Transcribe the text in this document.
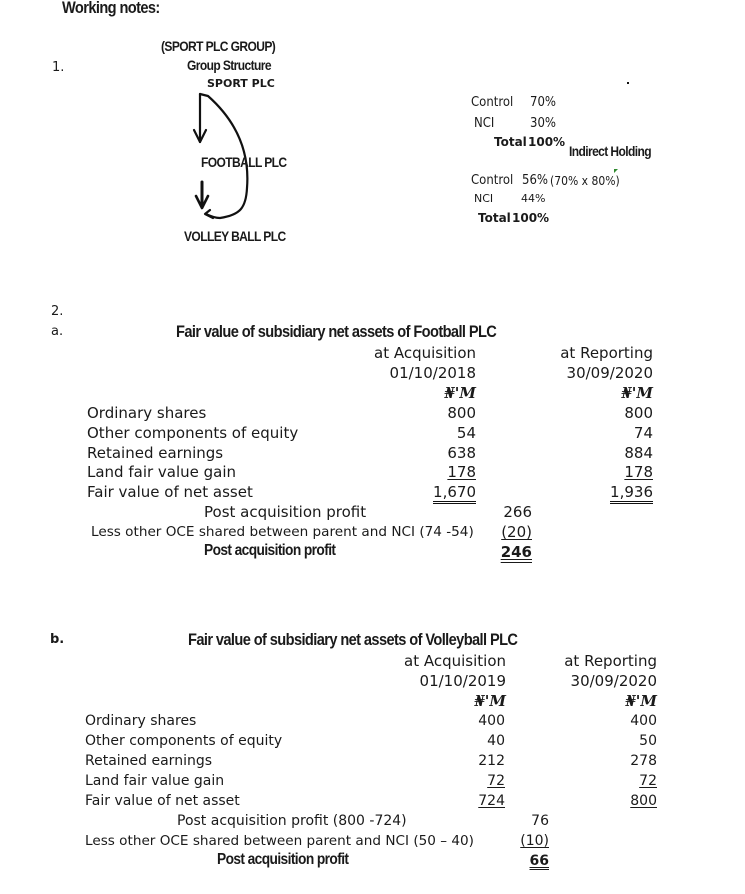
Working notes:
1.
(SPORT PLC GROUP)
Group Structure
SPORT PLC
FOOTBALL PLC
VOLLEY BALL PLC
Control 70%
NCI	30%
Total 100%
Indirect Holding
Control 56% (70% x 80%)
NCI	44%
Total 100%
2.
a.	Fair value of subsidiary net assets of Football PLC
at Acquisition
01/10/2018
₦'M
at Reporting
30/09/2020
₦'M
Ordinary shares	800	800
Other components of equity	54	74
Retained earnings	638	884
Land fair value gain	178	178
Fair value of net asset	1,670	1,936
Post acquisition profit	266
Less other OCE shared between parent and NCI (74 -54)	(20)
Post acquisition profit	246
b.	Fair value of subsidiary net assets of Volleyball PLC
at Acquisition
01/10/2019
₦'M
at Reporting
30/09/2020
₦'M
Ordinary shares	400	400
Other components of equity	40	50
Retained earnings	212	278
Land fair value gain	72	72
Fair value of net asset	724	800
Post acquisition profit (800 -724)	76
Less other OCE shared between parent and NCI (50 – 40)	(10)
Post acquisition profit	66
